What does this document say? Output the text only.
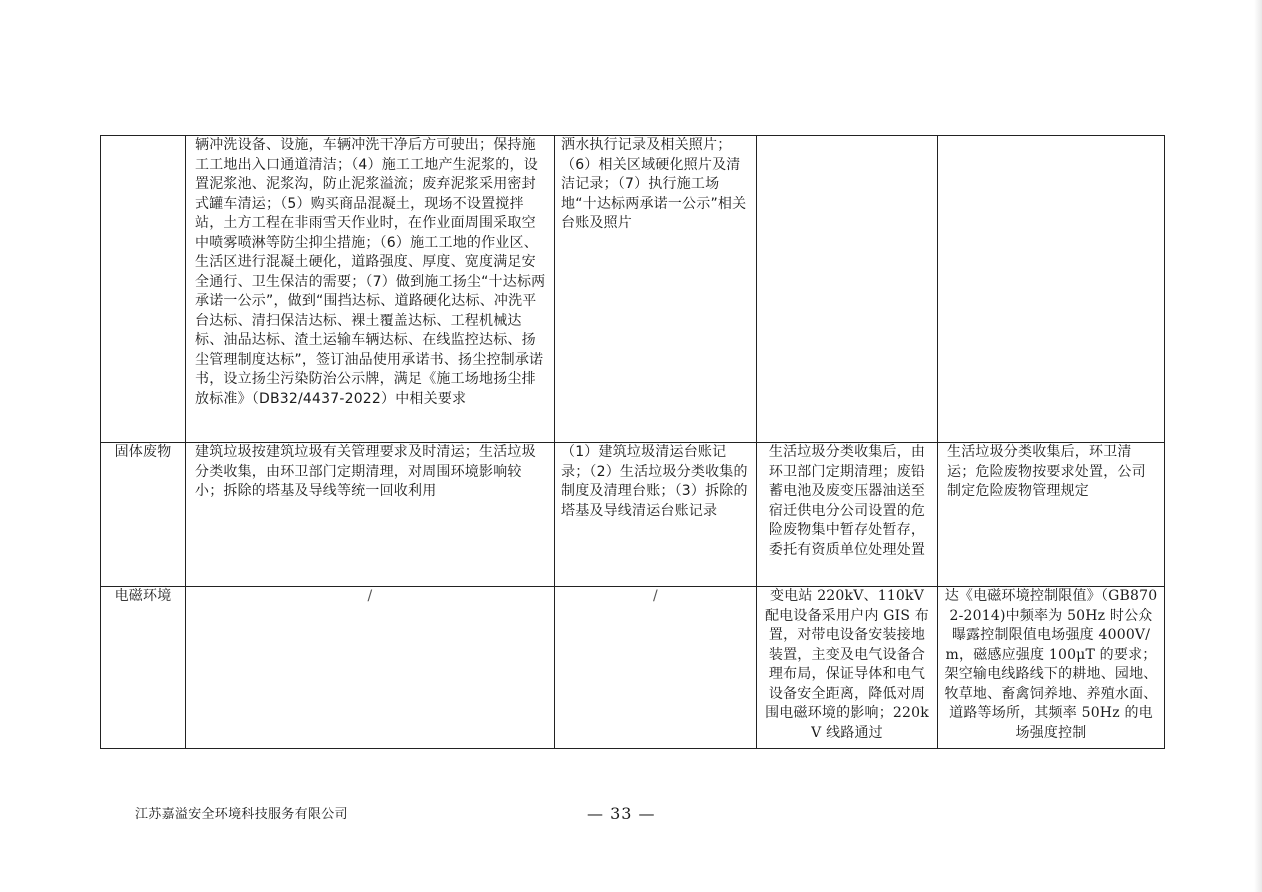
	辆冲洗设备、设施，车辆冲洗干净后方可驶出；保持施工工地出入口通道清洁；（4）施工工地产生泥浆的，设置泥浆池、泥浆沟，防止泥浆溢流；废弃泥浆采用密封式罐车清运；（5）购买商品混凝土，现场不设置搅拌站，土方工程在非雨雪天作业时，在作业面周围采取空中喷雾喷淋等防尘抑尘措施；（6）施工工地的作业区、生活区进行混凝土硬化，道路强度、厚度、宽度满足安全通行、卫生保洁的需要；（7）做到施工扬尘“十达标两承诺一公示”，做到“围挡达标、道路硬化达标、冲洗平台达标、清扫保洁达标、裸土覆盖达标、工程机械达标、油品达标、渣土运输车辆达标、在线监控达标、扬尘管理制度达标”，签订油品使用承诺书、扬尘控制承诺书，设立扬尘污染防治公示牌，满足《施工场地扬尘排放标准》（DB32/4437-2022）中相关要求	洒水执行记录及相关照片；（6）相关区域硬化照片及清洁记录；（7）执行施工场地“十达标两承诺一公示”相关台账及照片		
固体废物	建筑垃圾按建筑垃圾有关管理要求及时清运；生活垃圾分类收集，由环卫部门定期清理，对周围环境影响较小；拆除的塔基及导线等统一回收利用	（1）建筑垃圾清运台账记录；（2）生活垃圾分类收集的制度及清理台账；（3）拆除的塔基及导线清运台账记录	生活垃圾分类收集后，由环卫部门定期清理；废铅蓄电池及废变压器油送至宿迁供电分公司设置的危险废物集中暂存处暂存，委托有资质单位处理处置	生活垃圾分类收集后，环卫清运；危险废物按要求处置，公司制定危险废物管理规定
电磁环境	/	/	变电站 220kV、110kV 配电设备采用户内 GIS 布置，对带电设备安装接地装置，主变及电气设备合理布局，保证导体和电气设备安全距离，降低对周围电磁环境的影响；220kV 线路通过	达《电磁环境控制限值》（GB8702-2014)中频率为 50Hz 时公众曝露控制限值电场强度 4000V/m，磁感应强度 100μT 的要求；架空输电线路线下的耕地、园地、牧草地、畜禽饲养地、养殖水面、道路等场所，其频率 50Hz 的电场强度控制
江苏嘉溢安全环境科技服务有限公司	— 33 —
